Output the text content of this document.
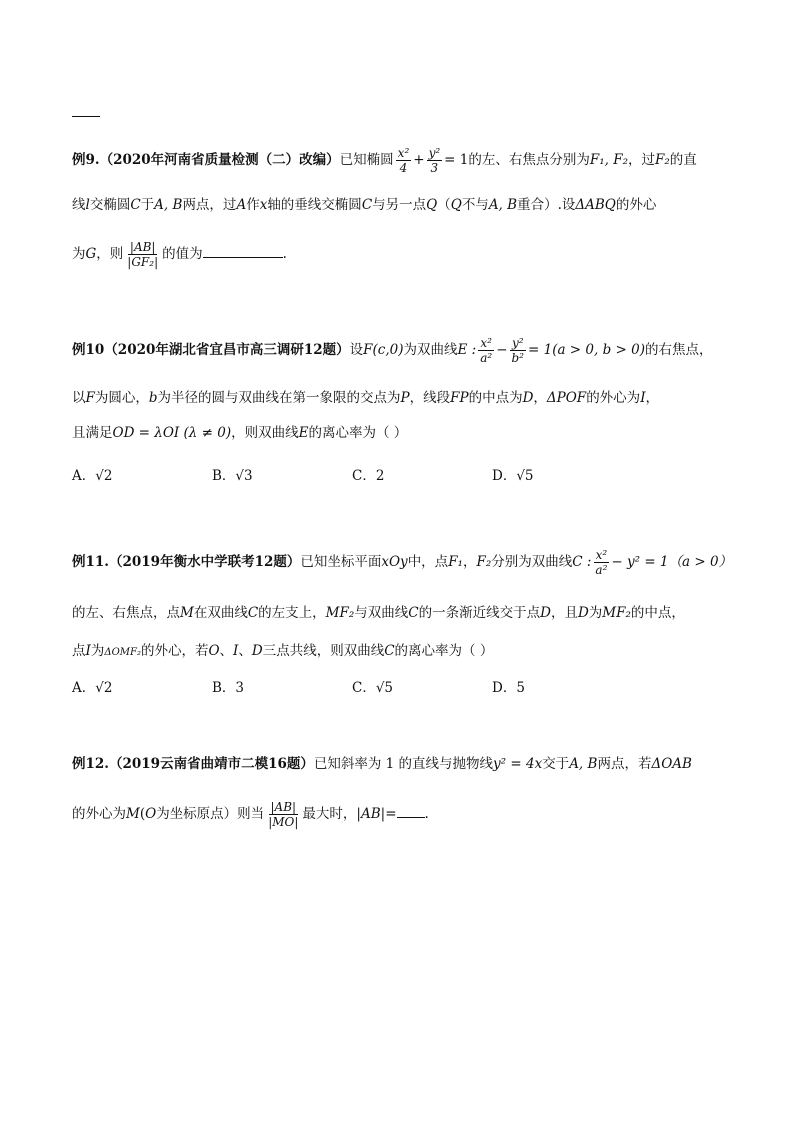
例9.（2020年河南省质量检测（二）改编）已知椭圆 $\frac{\text{x²}}{4} + \frac{\text{y²}}{3} = 1$的左、右焦点分别为F₁, F₂，过F₂的直
线l交椭圆C于A, B两点，过A作x轴的垂线交椭圆C与另一点Q（Q不与A, B重合）.设ΔABQ的外心
为G，则 $\frac{|AB|}{\text{|GF₂|}}$ 的值为	.
例10（2020年湖北省宜昌市高三调研12题）设F(c,0)为双曲线E : $\frac{\text{x²}}{\text{a²}} - \frac{\text{y²}}{\text{b²}} = 1(a > 0$, b > 0)的右焦点，
以F为圆心，b为半径的圆与双曲线在第一象限的交点为P，线段FP的中点为D，ΔPOF的外心为I，
且满足OD = λOI (λ ≠ 0)，则双曲线E的离心率为（ ）
A．√2	B．√3	C．2	D．√5
例11.（2019年衡水中学联考12题）已知坐标平面xOy中，点F₁，F₂分别为双曲线C : $\frac{\text{x²}}{\text{a²}} - y^2 = 1(a > 0)$
的左、右焦点，点M在双曲线C的左支上，MF₂与双曲线C的一条渐近线交于点D，且D为MF₂的中点，
点I为ΔOMF₂的外心，若O、I、D三点共线，则双曲线C的离心率为（ ）
A．√2	B．3	C．√5	D．5
例12.（2019云南省曲靖市二模16题）已知斜率为 1 的直线与抛物线y² = 4x交于A, B两点，若ΔOAB
的外心为M(O为坐标原点）则当 $\frac{|AB|}{|MO|}$ 最大时，|AB|= .
